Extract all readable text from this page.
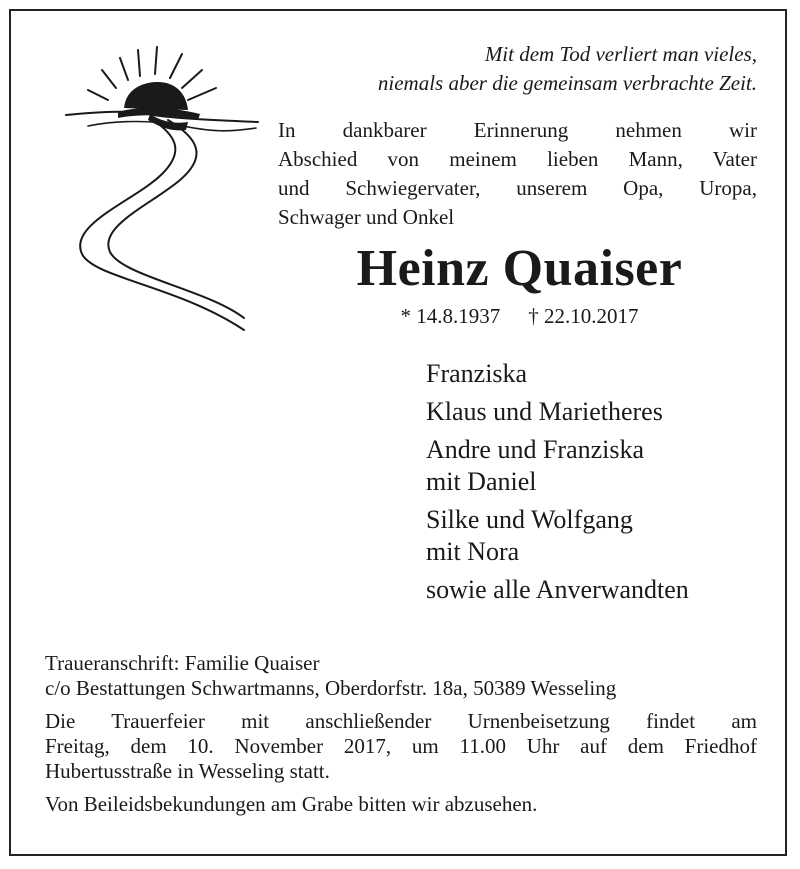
Mit dem Tod verliert man vieles,
niemals aber die gemeinsam verbrachte Zeit.
In dankbarer Erinnerung nehmen wir
Abschied von meinem lieben Mann, Vater
und Schwiegervater, unserem Opa, Uropa,
Schwager und Onkel
Heinz Quaiser
* 14.8.1937 † 22.10.2017
Franziska
Klaus und Marietheres
Andre und Franziska
mit Daniel
Silke und Wolfgang
mit Nora
sowie alle Anverwandten
Traueranschrift: Familie Quaiser
c/o Bestattungen Schwartmanns, Oberdorfstr. 18a, 50389 Wesseling
Die Trauerfeier mit anschließender Urnenbeisetzung findet am
Freitag, dem 10. November 2017, um 11.00 Uhr auf dem Friedhof
Hubertusstraße in Wesseling statt.
Von Beileidsbekundungen am Grabe bitten wir abzusehen.
